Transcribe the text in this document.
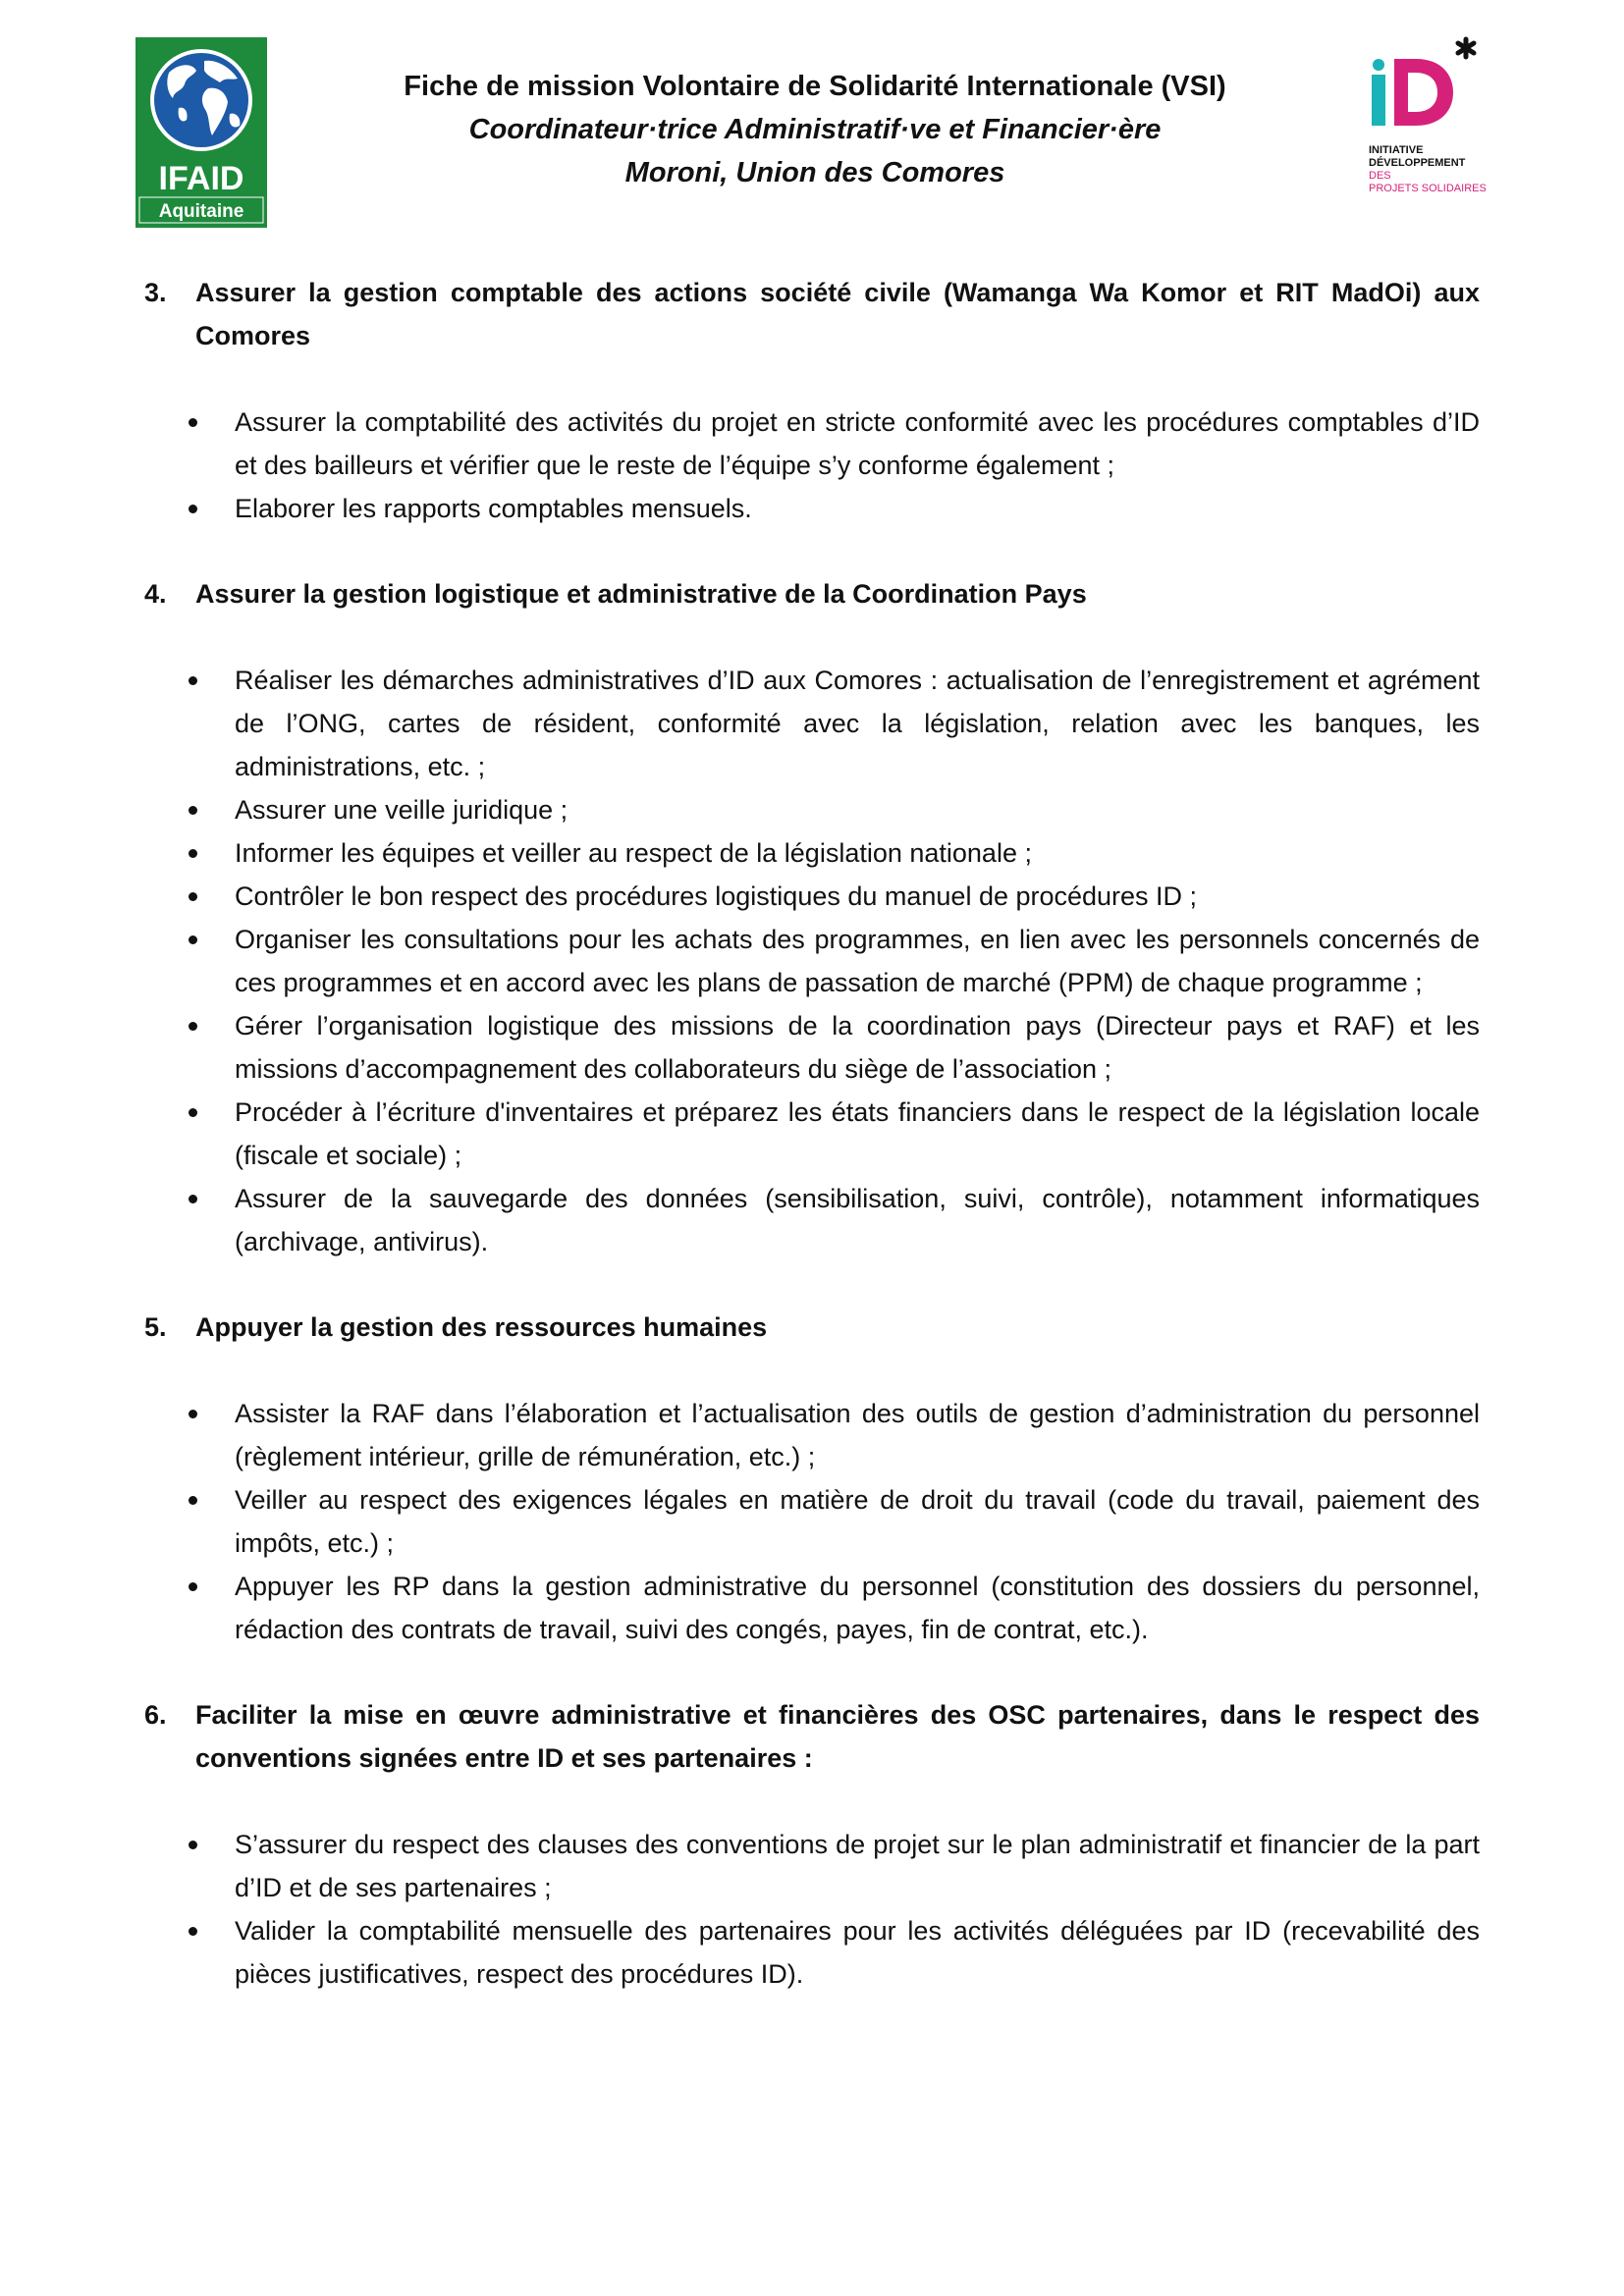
IFAID
Aquitaine
Fiche de mission Volontaire de Solidarité Internationale (VSI)
Coordinateur·trice Administratif·ve et Financier·ère
Moroni, Union des Comores
INITIATIVE
DÉVELOPPEMENT
DES
PROJETS SOLIDAIRES
3.	Assurer la gestion comptable des actions société civile (Wamanga Wa Komor et RIT MadOi) aux Comores
Assurer la comptabilité des activités du projet en stricte conformité avec les procédures comptables d’ID et des bailleurs et vérifier que le reste de l’équipe s’y conforme également ;
Elaborer les rapports comptables mensuels.
4.	Assurer la gestion logistique et administrative de la Coordination Pays
Réaliser les démarches administratives d’ID aux Comores : actualisation de l’enregistrement et agrément de l’ONG, cartes de résident, conformité avec la législation, relation avec les banques, les administrations, etc. ;
Assurer une veille juridique ;
Informer les équipes et veiller au respect de la législation nationale ;
Contrôler le bon respect des procédures logistiques du manuel de procédures ID ;
Organiser les consultations pour les achats des programmes, en lien avec les personnels concernés de ces programmes et en accord avec les plans de passation de marché (PPM) de chaque programme ;
Gérer l’organisation logistique des missions de la coordination pays (Directeur pays et RAF) et les missions d’accompagnement des collaborateurs du siège de l’association ;
Procéder à l’écriture d'inventaires et préparez les états financiers dans le respect de la législation locale (fiscale et sociale) ;
Assurer de la sauvegarde des données (sensibilisation, suivi, contrôle), notamment informatiques (archivage, antivirus).
5.	Appuyer la gestion des ressources humaines
Assister la RAF dans l’élaboration et l’actualisation des outils de gestion d’administration du personnel (règlement intérieur, grille de rémunération, etc.) ;
Veiller au respect des exigences légales en matière de droit du travail (code du travail, paiement des impôts, etc.) ;
Appuyer les RP dans la gestion administrative du personnel (constitution des dossiers du personnel, rédaction des contrats de travail, suivi des congés, payes, fin de contrat, etc.).
6.	Faciliter la mise en œuvre administrative et financières des OSC partenaires, dans le respect des conventions signées entre ID et ses partenaires :
S’assurer du respect des clauses des conventions de projet sur le plan administratif et financier de la part d’ID et de ses partenaires ;
Valider la comptabilité mensuelle des partenaires pour les activités déléguées par ID (recevabilité des pièces justificatives, respect des procédures ID).
